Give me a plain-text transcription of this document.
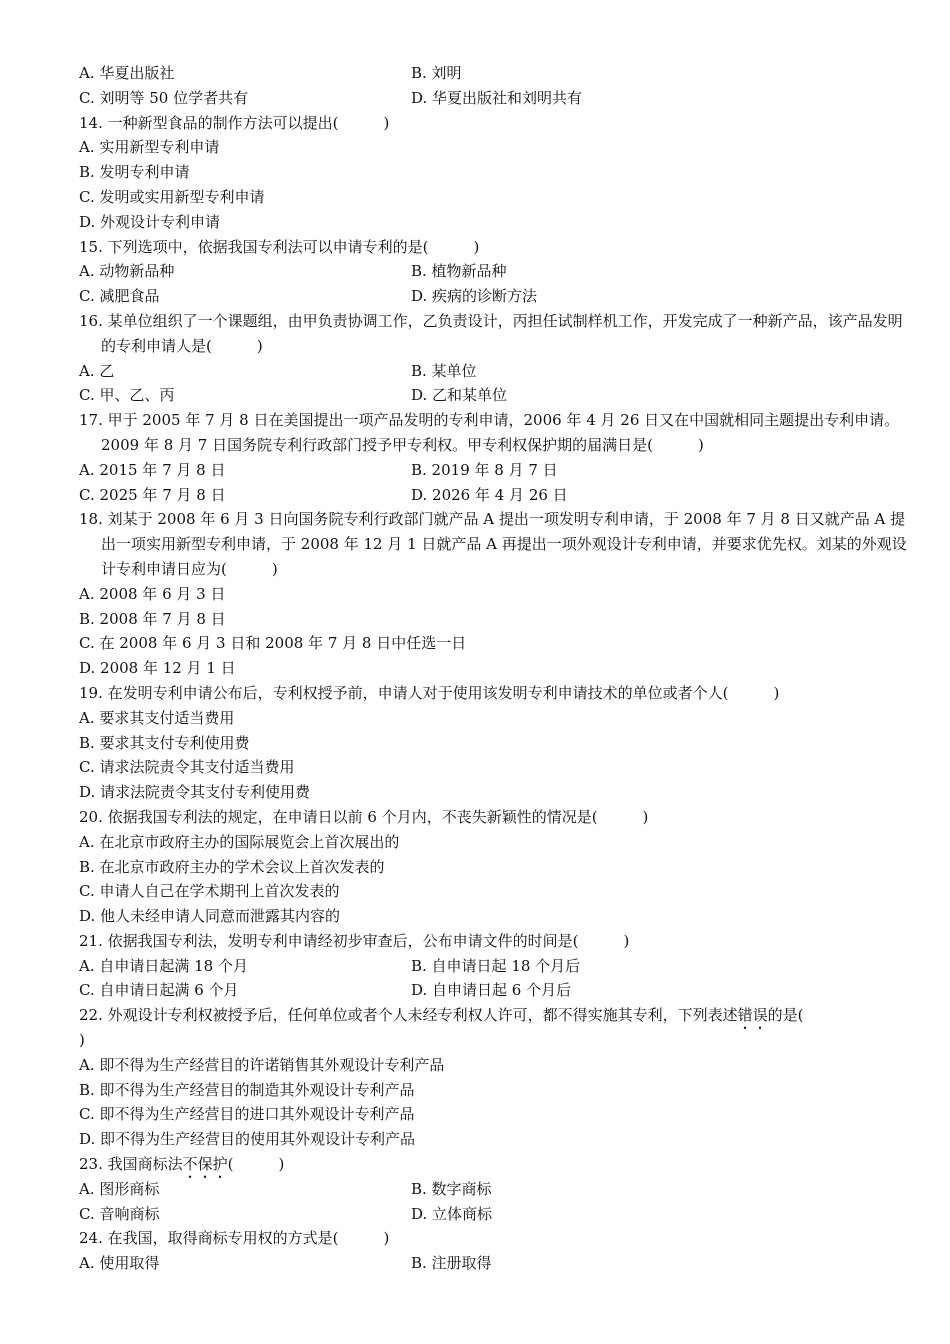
A. 华夏出版社	B. 刘明
C. 刘明等 50 位学者共有	D. 华夏出版社和刘明共有
14. 一种新型食品的制作方法可以提出(　　　)
A. 实用新型专利申请
B. 发明专利申请
C. 发明或实用新型专利申请
D. 外观设计专利申请
15. 下列选项中，依据我国专利法可以申请专利的是(　　　)
A. 动物新品种	B. 植物新品种
C. 减肥食品	D. 疾病的诊断方法
16. 某单位组织了一个课题组，由甲负责协调工作，乙负责设计，丙担任试制样机工作，开发完成了一种新产品，该产品发明的专利申请人是(　　　)
A. 乙	B. 某单位
C. 甲、乙、丙	D. 乙和某单位
17. 甲于 2005 年 7 月 8 日在美国提出一项产品发明的专利申请，2006 年 4 月 26 日又在中国就相同主题提出专利申请。2009 年 8 月 7 日国务院专利行政部门授予甲专利权。甲专利权保护期的届满日是(　　　)
A. 2015 年 7 月 8 日	B. 2019 年 8 月 7 日
C. 2025 年 7 月 8 日	D. 2026 年 4 月 26 日
18. 刘某于 2008 年 6 月 3 日向国务院专利行政部门就产品 A 提出一项发明专利申请，于 2008 年 7 月 8 日又就产品 A 提出一项实用新型专利申请，于 2008 年 12 月 1 日就产品 A 再提出一项外观设计专利申请，并要求优先权。刘某的外观设计专利申请日应为(　　　)
A. 2008 年 6 月 3 日
B. 2008 年 7 月 8 日
C. 在 2008 年 6 月 3 日和 2008 年 7 月 8 日中任选一日
D. 2008 年 12 月 1 日
19. 在发明专利申请公布后，专利权授予前，申请人对于使用该发明专利申请技术的单位或者个人(　　　)
A. 要求其支付适当费用
B. 要求其支付专利使用费
C. 请求法院责令其支付适当费用
D. 请求法院责令其支付专利使用费
20. 依据我国专利法的规定，在申请日以前 6 个月内，不丧失新颖性的情况是(　　　)
A. 在北京市政府主办的国际展览会上首次展出的
B. 在北京市政府主办的学术会议上首次发表的
C. 申请人自己在学术期刊上首次发表的
D. 他人未经申请人同意而泄露其内容的
21. 依据我国专利法，发明专利申请经初步审查后，公布申请文件的时间是(　　　)
A. 自申请日起满 18 个月	B. 自申请日起 18 个月后
C. 自申请日起满 6 个月	D. 自申请日起 6 个月后
22. 外观设计专利权被授予后，任何单位或者个人未经专利权人许可，都不得实施其专利，下列表述错误的是(
)
A. 即不得为生产经营目的许诺销售其外观设计专利产品
B. 即不得为生产经营目的制造其外观设计专利产品
C. 即不得为生产经营目的进口其外观设计专利产品
D. 即不得为生产经营目的使用其外观设计专利产品
23. 我国商标法不保护(　　　)
A. 图形商标	B. 数字商标
C. 音响商标	D. 立体商标
24. 在我国，取得商标专用权的方式是(　　　)
A. 使用取得	B. 注册取得
